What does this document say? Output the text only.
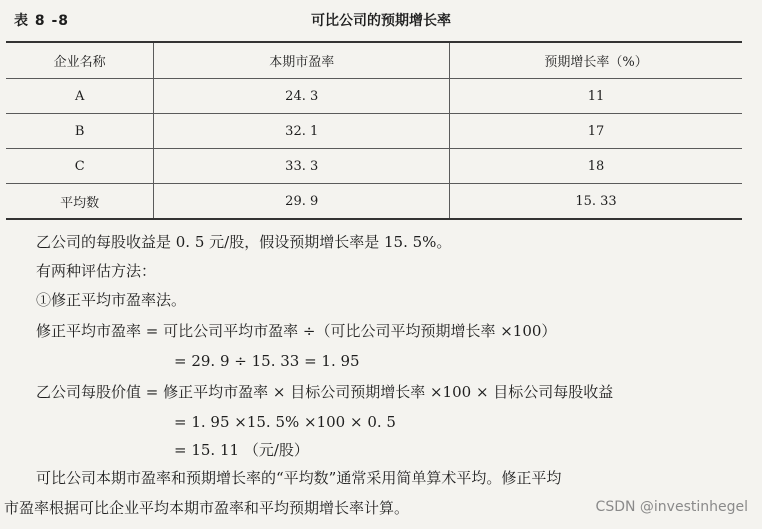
表 8 -8	可比公司的预期增长率
企业名称	本期市盈率	预期增长率（%）
A	24. 3	11
B	32. 1	17
C	33. 3	18
平均数	29. 9	15. 33
乙公司的每股收益是 0. 5 元/股，假设预期增长率是 15. 5%。
有两种评估方法：
①修正平均市盈率法。
修正平均市盈率 = 可比公司平均市盈率 ÷（可比公司平均预期增长率 ×100）
= 29. 9 ÷ 15. 33 = 1. 95
乙公司每股价值 = 修正平均市盈率 × 目标公司预期增长率 ×100 × 目标公司每股收益
= 1. 95 ×15. 5% ×100 × 0. 5
= 15. 11 （元/股）
可比公司本期市盈率和预期增长率的“平均数”通常采用简单算术平均。修正平均
市盈率根据可比企业平均本期市盈率和平均预期增长率计算。	CSDN @investinhegel
